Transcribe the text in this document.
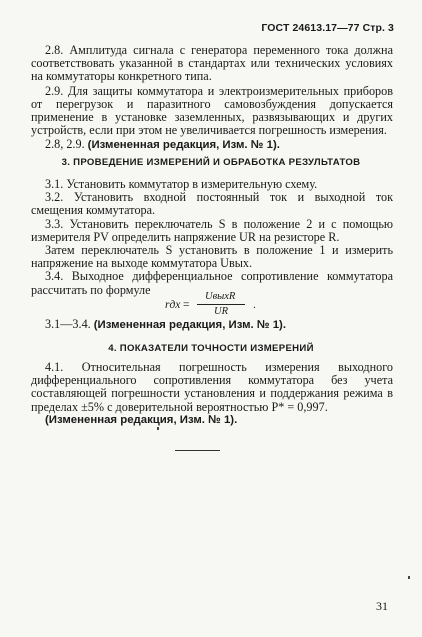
ГОСТ 24613.17—77 Стр. 3

2.8. Амплитуда сигнала с генератора переменного тока должна соответствовать указанной в стандартах или технических условиях на коммутаторы конкретного типа.

2.9. Для защиты коммутатора и электроизмерительных приборов от перегрузок и паразитного самовозбуждения допускается применение в установке заземленных, развязывающих и других устройств, если при этом не увеличивается погрешность измерения.

2.8, 2.9. (Измененная редакция, Изм. № 1).

3. ПРОВЕДЕНИЕ ИЗМЕРЕНИЙ И ОБРАБОТКА РЕЗУЛЬТАТОВ

3.1. Установить коммутатор в измерительную схему.

3.2. Установить входной постоянный ток и выходной ток смещения коммутатора.

3.3. Установить переключатель S в положение 2 и с помощью измерителя PV определить напряжение UR на резисторе R.

Затем переключатель S установить в положение 1 и измерить напряжение на выходе коммутатора Uвых.

3.4. Выходное дифференциальное сопротивление коммутатора рассчитать по формуле

rдх =
UвыхR
UR
.

3.1—3.4. (Измененная редакция, Изм. № 1).

4. ПОКАЗАТЕЛИ ТОЧНОСТИ ИЗМЕРЕНИЙ

4.1. Относительная погрешность измерения выходного дифференциального сопротивления коммутатора без учета составляющей погрешности установления и поддержания режима в пределах ±5% с доверительной вероятностью P* = 0,997.

(Измененная редакция, Изм. № 1).

31
